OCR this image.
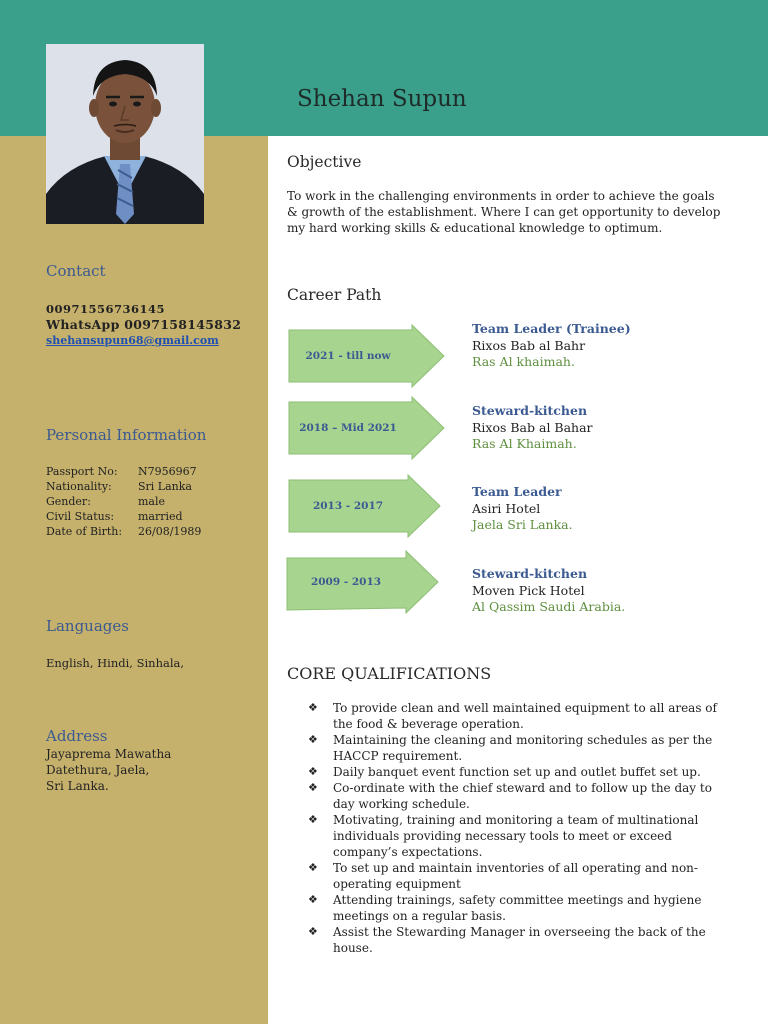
Shehan Supun
Contact
00971556736145
WhatsApp 0097158145832
shehansupun68@gmail.com
Personal Information
Passport No:	N7956967
Nationality:	Sri Lanka
Gender:	male
Civil Status:	married
Date of Birth:	26/08/1989
Languages
English, Hindi, Sinhala,
Address
Jayaprema Mawatha
Datethura, Jaela,
Sri Lanka.
Objective
To work in the challenging environments in order to achieve the goals & growth of the establishment. Where I can get opportunity to develop my hard working skills & educational knowledge to optimum.
Career Path
2021 - till now
Team Leader (Trainee)
Rixos Bab al Bahr
Ras Al khaimah.
2018 – Mid 2021
Steward-kitchen
Rixos Bab al Bahar
Ras Al Khaimah.
2013 - 2017
Team Leader
Asiri Hotel
Jaela Sri Lanka.
2009 - 2013
Steward-kitchen
Moven Pick Hotel
Al Qassim Saudi Arabia.
CORE QUALIFICATIONS
❖ To provide clean and well maintained equipment to all areas of the food & beverage operation.
❖ Maintaining the cleaning and monitoring schedules as per the HACCP requirement.
❖ Daily banquet event function set up and outlet buffet set up.
❖ Co-ordinate with the chief steward and to follow up the day to day working schedule.
❖ Motivating, training and monitoring a team of multinational individuals providing necessary tools to meet or exceed company’s expectations.
❖ To set up and maintain inventories of all operating and non-operating equipment
❖ Attending trainings, safety committee meetings and hygiene meetings on a regular basis.
❖ Assist the Stewarding Manager in overseeing the back of the house.
